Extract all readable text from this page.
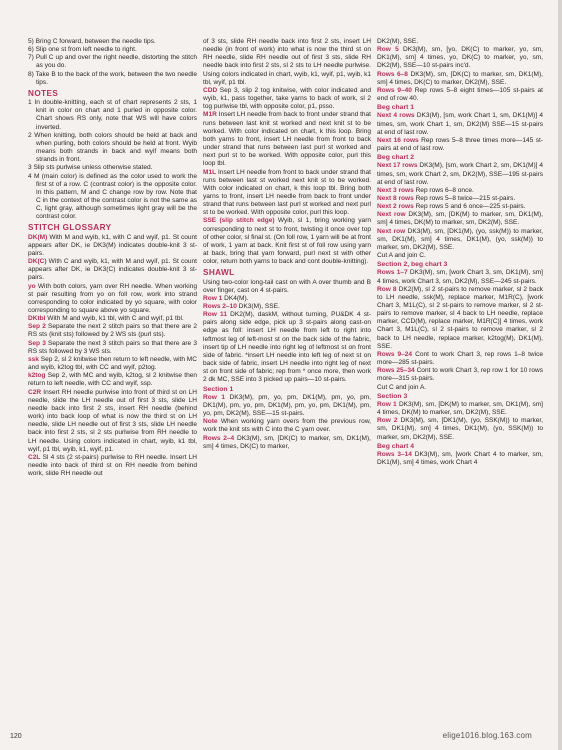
5) Bring C forward, between the needle tips.

6) Slip one st from left needle to right.

7) Pull C up and over the right needle, distorting the stitch as you do.

8) Take B to the back of the work, between the two needle tips.

NOTES

1 In double-knitting, each st of chart represents 2 sts, 1 knit in color on chart and 1 purled in opposite color. Chart shows RS only, note that WS will have colors inverted.

2 When knitting, both colors should be held at back and when purling, both colors should be held at front. Wyib means both strands in back and wyif means both strands in front.

3 Slip sts purlwise unless otherwise stated.

4 M (main color) is defined as the color used to work the first st of a row. C (contrast color) is the opposite color. In this pattern, M and C change row by row. Note that C in the context of the contrast color is not the same as C, light gray, although sometimes light gray will be the contrast color.

STITCH GLOSSARY

DK(M) With M and wyib, k1, with C and wyif, p1. St count appears after DK, ie DK3(M) indicates double-knit 3 st-pairs.

DK(C) With C and wyib, k1, with M and wyif, p1. St count appears after DK, ie DK3(C) indicates double-knit 3 st-pairs.

yo With both colors, yarn over RH needle. When working st pair resulting from yo on foll row, work into strand corresponding to color indicated by yo square, with color corresponding to square above yo square.

DKtbl With M and wyib, k1 tbl, with C and wyif, p1 tbl.

Sep 2 Separate the next 2 stitch pairs so that there are 2 RS sts (knit sts) followed by 2 WS sts (purl sts).

Sep 3 Separate the next 3 stitch pairs so that there are 3 RS sts followed by 3 WS sts.

ssk Sep 2, sl 2 knitwise then return to left needle, with MC and wyib, k2tog tbl, with CC and wyif, p2tog.

k2tog Sep 2, with MC and wyib, k2tog, sl 2 knitwise then return to left needle, with CC and wyif, ssp.

C2R Insert RH needle purlwise into front of third st on LH needle, slide the LH needle out of first 3 sts, slide LH needle back into first 2 sts, insert RH needle (behind work) into back loop of what is now the third st on LH needle, slide LH needle out of first 3 sts, slide LH needle back into first 2 sts, sl 2 sts purlwise from RH needle to LH needle. Using colors indicated in chart, wyib, k1 tbl, wyif, p1 tbl, wyib, k1, wyif, p1.

C2L Sl 4 sts (2 st-pairs) purlwise to RH needle. Insert LH needle into back of third st on RH needle from behind work, slide RH needle out

of 3 sts, slide RH needle back into first 2 sts, insert LH needle (in front of work) into what is now the third st on RH needle, slide RH needle out of first 3 sts, slide RH needle back into first 2 sts, sl 2 sts to LH needle purlwise. Using colors indicated in chart, wyib, k1, wyif, p1, wyib, k1 tbl, wyif, p1 tbl.

CDD Sep 3, slip 2 tog knitwise, with color indicated and wyib, k1, pass together, take yarns to back of work, sl 2 tog purlwise tbl, with opposite color, p1, psso.

M1R Insert LH needle from back to front under strand that runs between last knit st worked and next knit st to be worked. With color indicated on chart, k this loop. Bring both yarns to front, insert LH needle from front to back under strand that runs between last purl st worked and next purl st to be worked. With opposite color, purl this loop tbl.

M1L Insert LH needle from front to back under strand that runs between last st worked next knit st to be worked. With color indicated on chart, k this loop tbl. Bring both yarns to front, insert LH needle from back to front under strand that runs between last purl st worked and next purl st to be worked. With opposite color, purl this loop.

SSE (slip stitch edge) Wyib, sl 1, bring working yarn corresponding to next st to front, twisting it once over top of other color, sl final st. (On foll row, 1 yarn will be at front of work, 1 yarn at back. Knit first st of foll row using yarn at back, bring that yarn forward, purl next st with other color, return both yarns to back and cont double-knitting).

SHAWL

Using two-color long-tail cast on with A over thumb and B over finger, cast on 4 st-pairs.

Row 1 DK4(M).

Rows 2–10 DK3(M), SSE.

Row 11 DK2(M), daskM, without turning, PU&DK 4 st-pairs along side edge, pick up 3 st-pairs along cast-on edge as foll: insert LH needle from left to right into leftmost leg of left-most st on the back side of the fabric, insert tip of LH needle into right leg of leftmost st on front side of fabric. *insert LH needle into left leg of next st on back side of fabric, insert LH needle into right leg of next st on front side of fabric; rep from * once more, then work 2 dk MC, SSE into 3 picked up pairs—10 st-pairs.

Section 1

Row 1 DK3(M), pm, yo, pm, DK1(M), pm, yo, pm, DK1(M), pm, yo, pm, DK1(M), pm, yo, pm, DK1(M), pm, yo, pm, DK2(M), SSE—15 st-pairs.

Note When working yarn overs from the previous row, work the knit sts with C into the C yarn over.

Rows 2–4 DK3(M), sm, [DK(C) to marker, sm, DK1(M), sm] 4 times, DK(C) to marker,

DK2(M), SSE.

Row 5 DK3(M), sm, [yo, DK(C) to marker, yo, sm, DK1(M), sm] 4 times, yo, DK(C) to marker, yo, sm, DK2(M), SSE—10 st-pairs inc'd.

Rows 6–8 DK3(M), sm, [DK(C) to marker, sm, DK1(M), sm] 4 times, DK(C) to marker, DK2(M), SSE.

Rows 9–40 Rep rows 5–8 eight times—105 st-pairs at end of row 40.

Beg chart 1

Next 4 rows DK3(M), [sm, work Chart 1, sm, DK1(M)] 4 times, sm, work Chart 1, sm, DK2(M) SSE—15 st-pairs at end of last row.

Next 16 rows Rep rows 5–8 three times more—145 st-pairs at end of last row.

Beg chart 2

Next 17 rows DK3(M), [sm, work Chart 2, sm, DK1(M)] 4 times, sm, work Chart 2, sm, DK2(M), SSE—195 st-pairs at end of last row.

Next 3 rows Rep rows 6–8 once.

Next 8 rows Rep rows 5–8 twice—215 st-pairs.

Next 2 rows Rep rows 5 and 6 once—225 st-pairs.

Next row DK3(M), sm, [DK(M) to marker, sm, DK1(M), sm] 4 times, DK(M) to marker, sm, DK2(M), SSE.

Next row DK3(M), sm, [DK1(M), (yo, ssk(M)) to marker, sm, DK1(M), sm] 4 times, DK1(M), (yo, ssk(M)) to marker, sm, DK2(M), SSE.

Cut A and join C.

Section 2, beg chart 3

Rows 1–7 DK3(M), sm, [work Chart 3, sm, DK1(M), sm] 4 times, work Chart 3, sm, DK2(M), SSE—245 st-pairs.

Row 8 DK2(M), sl 2 st-pairs to remove marker, sl 2 back to LH needle, ssk(M), replace marker, M1R(C), [work Chart 3, M1L(C), sl 2 st-pairs to remove marker, sl 2 st-pairs to remove marker, sl 4 back to LH needle, replace marker, CCD(M), replace marker, M1R(C)] 4 times, work Chart 3, M1L(C), sl 2 st-pairs to remove marker, sl 2 back to LH needle, replace marker, k2tog(M), DK1(M), SSE.

Rows 9–24 Cont to work Chart 3, rep rows 1–8 twice more—285 st-pairs.

Rows 25–34 Cont to work Chart 3, rep row 1 for 10 rows more—315 st-pairs.

Cut C and join A.

Section 3

Row 1 DK3(M), sm, [DK(M) to marker, sm, DK1(M), sm] 4 times, DK(M) to marker, sm, DK2(M), SSE.

Row 2 DK3(M), sm, [DK1(M), (yo, SSK(M)) to marker, sm, DK1(M), sm] 4 times, DK1(M), (yo, SSK(M)) to marker, sm, DK2(M), SSE.

Beg chart 4

Rows 3–14 DK3(M), sm, [work Chart 4 to marker, sm, DK1(M), sm] 4 times, work Chart 4

120	elige1016.blog.163.com
